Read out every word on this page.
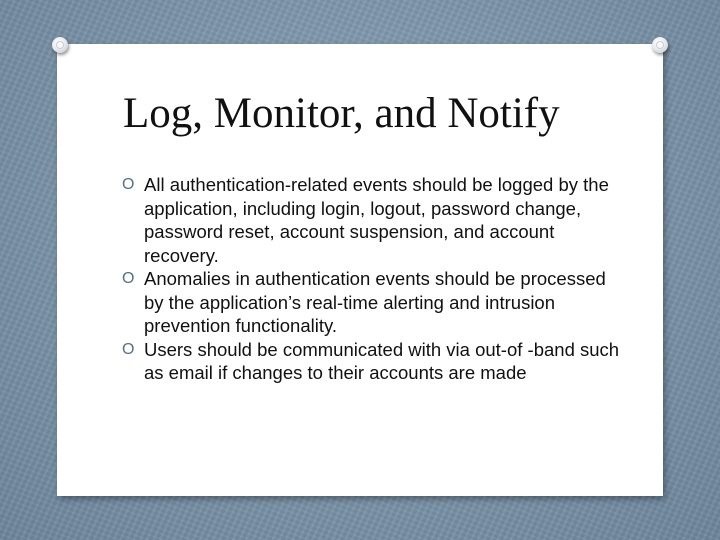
Log, Monitor, and Notify
O All authentication-related events should be logged by the application, including login, logout, password change, password reset, account suspension, and account recovery.
O Anomalies in authentication events should be processed by the application’s real-time alerting and intrusion prevention functionality.
O Users should be communicated with via out-of -band such as email if changes to their accounts are made
